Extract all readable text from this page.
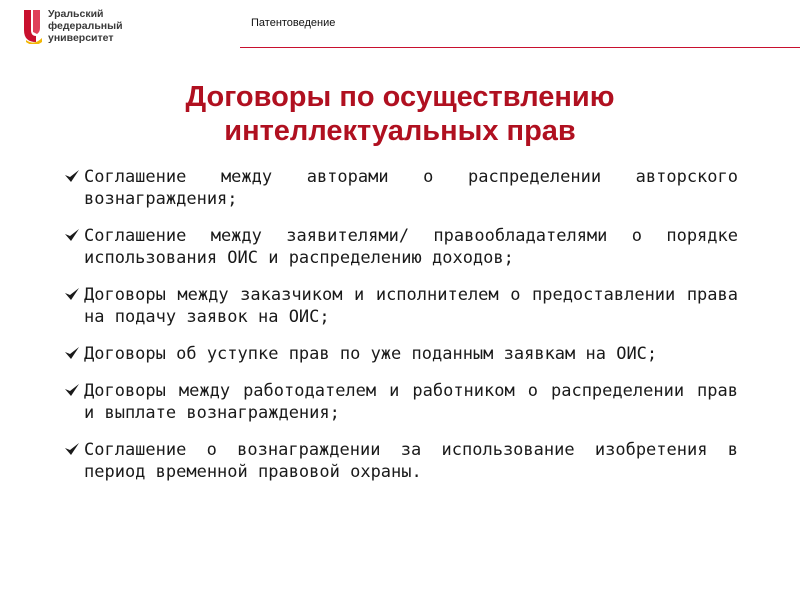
Уральский
федеральный
университет
Патентоведение
Договоры по осуществлению
интеллектуальных прав
Соглашение между авторами о распределении авторского вознаграждения;
Соглашение между заявителями/ правообладателями о порядке использования ОИС и распределению доходов;
Договоры между заказчиком и исполнителем о предоставлении права на подачу заявок на ОИС;
Договоры об уступке прав по уже поданным заявкам на ОИС;
Договоры между работодателем и работником о распределении прав и выплате вознаграждения;
Соглашение о вознаграждении за использование изобретения в период временной правовой охраны.
